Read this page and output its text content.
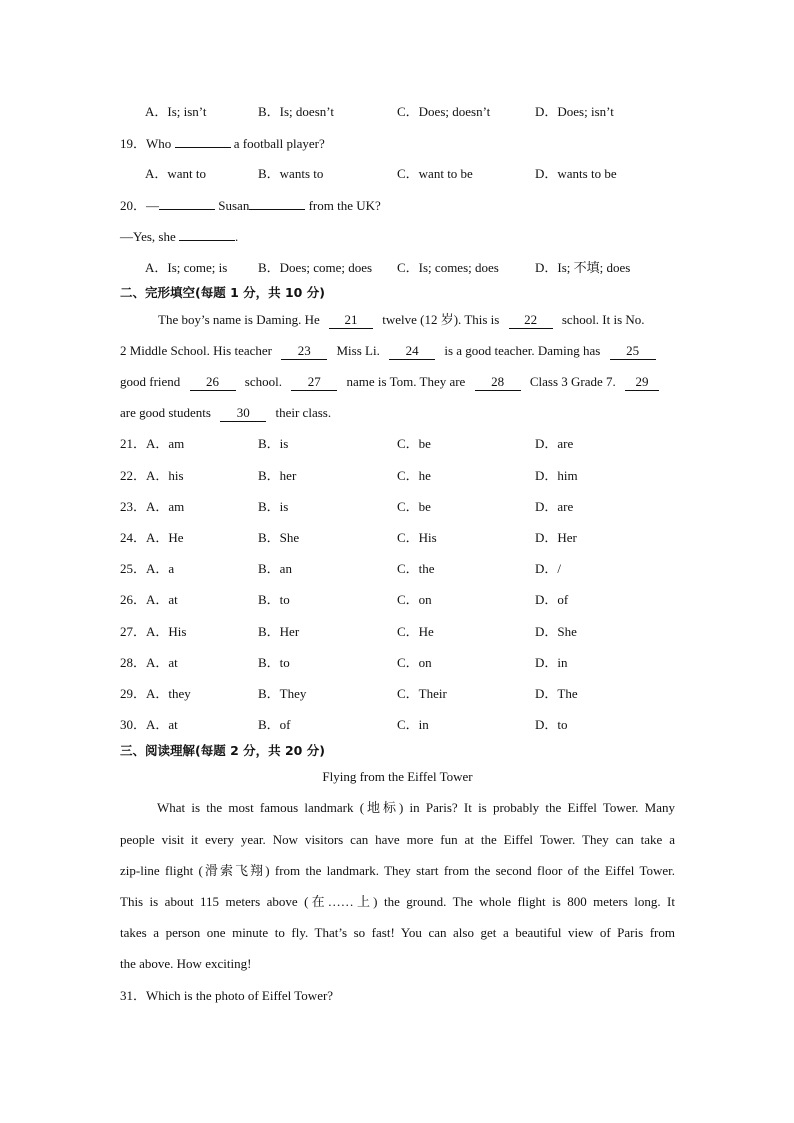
A．Is; isn’t	B．Is; doesn’t	C．Does; doesn’t	D．Does; isn’t
19．Who	a football player?
A．want to	B．wants to	C．want to be	D．wants to be
20．—	Susan	from the UK?
—Yes, she	.
A．Is; come; is B．Does; come; does C．Is; comes; does	D．Is; 不填; does
二、完形填空(每题 1 分，共 10 分)
The boy’s name is Daming. He 21 twelve (12 岁). This is 22 school. It is No.
2 Middle School. His teacher 23 Miss Li. 24 is a good teacher. Daming has 25
good friend 26 school. 27 name is Tom. They are 28 Class 3 Grade 7. 29
are good students 30 their class.
21．A．am	B．is	C．be	D．are
22．A．his	B．her	C．he	D．him
23．A．am	B．is	C．be	D．are
24．A．He	B．She	C．His	D．Her
25．A．a	B．an	C．the	D．/
26．A．at	B．to	C．on	D．of
27．A．His	B．Her	C．He	D．She
28．A．at	B．to	C．on	D．in
29．A．they	B．They	C．Their	D．The
30．A．at	B．of	C．in	D．to
三、阅读理解(每题 2 分，共 20 分)
Flying from the Eiffel Tower
What is the most famous landmark (地标) in Paris? It is probably the Eiffel Tower. Many
people visit it every year. Now visitors can have more fun at the Eiffel Tower. They can take a
zip-line flight (滑索飞翔) from the landmark. They start from the second floor of the Eiffel Tower.
This is about 115 meters above (在……上) the ground. The whole flight is 800 meters long. It
takes a person one minute to fly. That’s so fast! You can also get a beautiful view of Paris from
the above. How exciting!
31．Which is the photo of Eiffel Tower?
